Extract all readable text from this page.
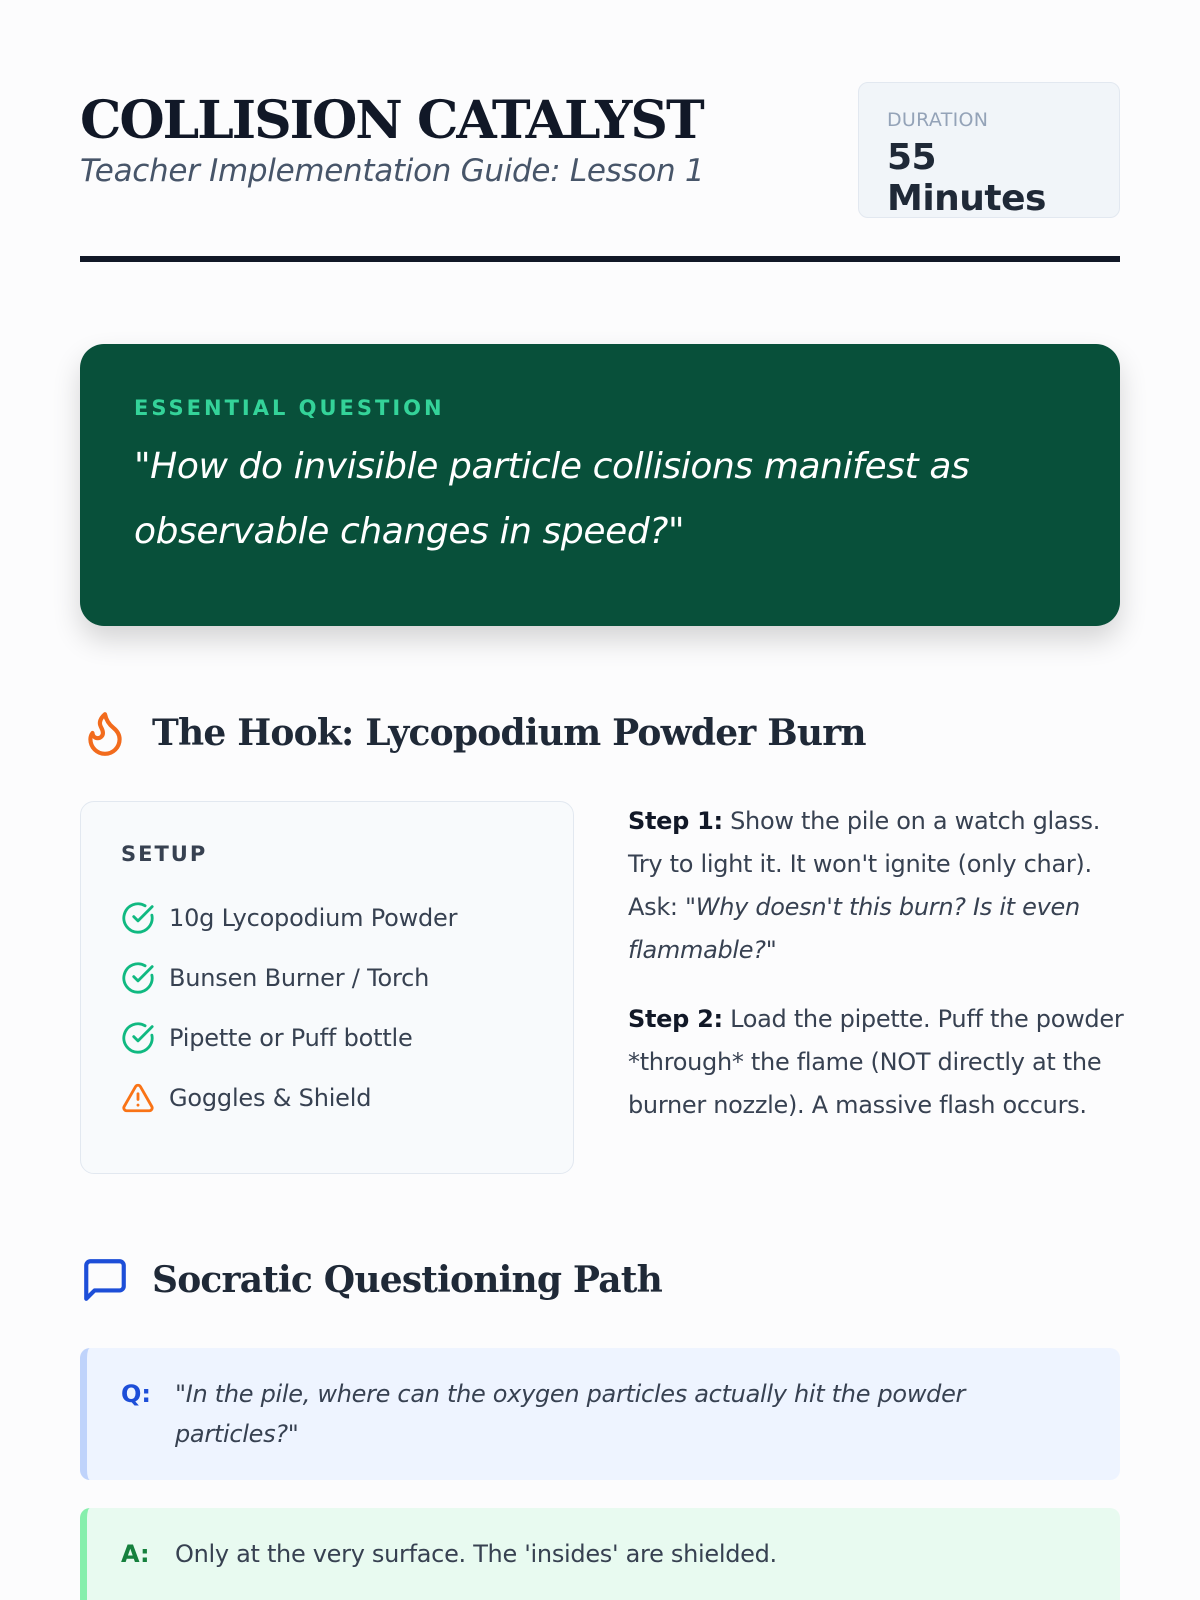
COLLISION CATALYST
Teacher Implementation Guide: Lesson 1
DURATION
55 Minutes
ESSENTIAL QUESTION
"How do invisible particle collisions manifest as observable changes in speed?"
The Hook: Lycopodium Powder Burn
SETUP
10g Lycopodium Powder
Bunsen Burner / Torch
Pipette or Puff bottle
Goggles & Shield

Step 1: Show the pile on a watch glass. Try to light it. It won't ignite (only char). Ask: "Why doesn't this burn? Is it even flammable?"

Step 2: Load the pipette. Puff the powder *through* the flame (NOT directly at the burner nozzle). A massive flash occurs.

Socratic Questioning Path
Q:	"In the pile, where can the oxygen particles actually hit the powder particles?"
A:	Only at the very surface. The 'insides' are shielded.
